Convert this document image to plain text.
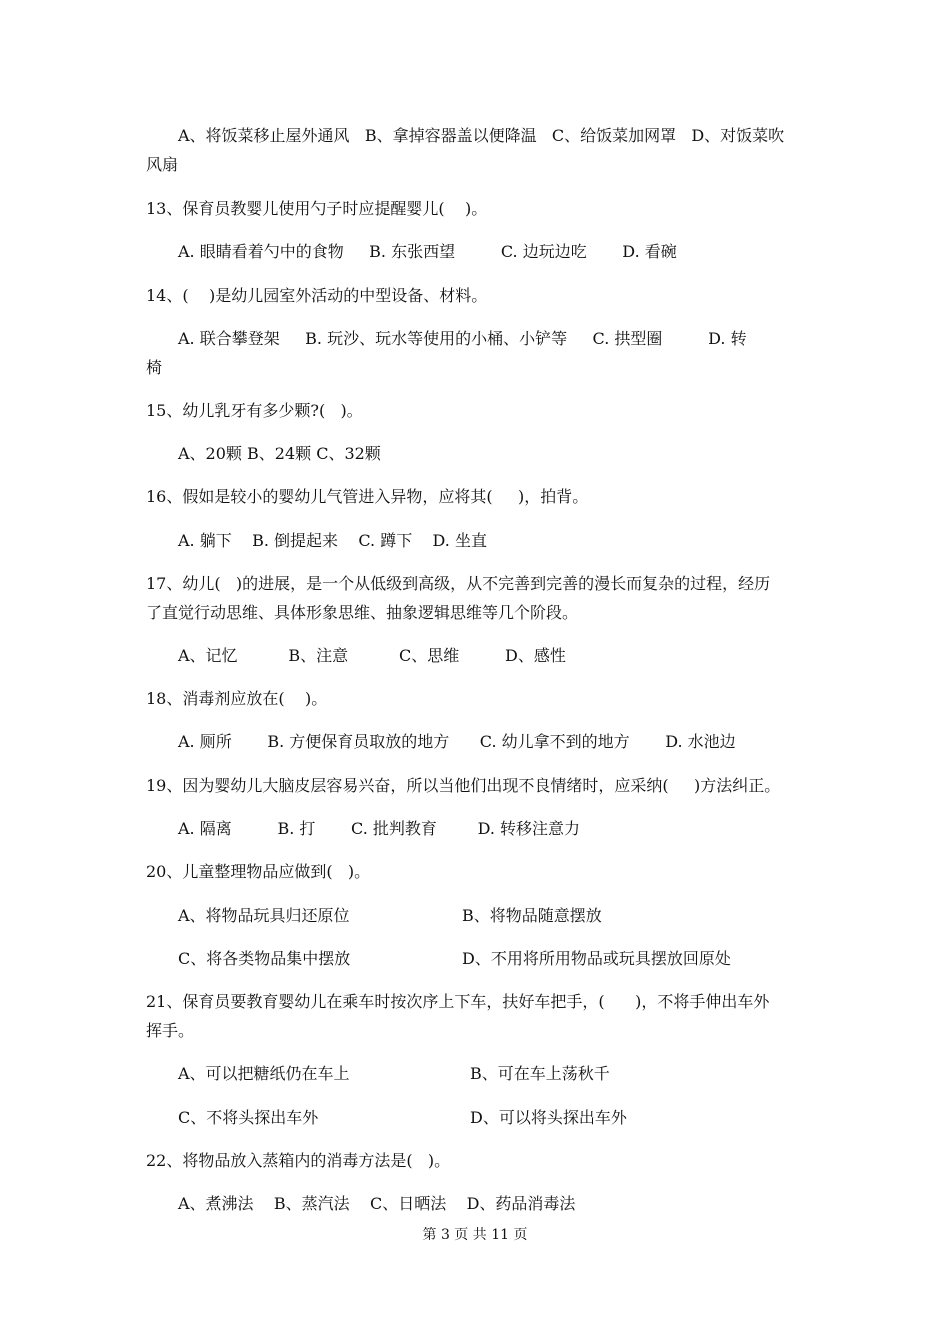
A、将饭菜移止屋外通风   B、拿掉容器盖以便降温   C、给饭菜加网罩   D、对饭菜吹
风扇
13、保育员教婴儿使用勺子时应提醒婴儿(    )。
A. 眼睛看着勺中的食物     B. 东张西望         C. 边玩边吃       D. 看碗
14、(    )是幼儿园室外活动的中型设备、材料。
A. 联合攀登架     B. 玩沙、玩水等使用的小桶、小铲等     C. 拱型圈         D. 转
椅
15、幼儿乳牙有多少颗?(   )。
A、20颗 B、24颗 C、32颗
16、假如是较小的婴幼儿气管进入异物，应将其(     )，拍背。
A. 躺下    B. 倒提起来    C. 蹲下    D. 坐直
17、幼儿(   )的进展，是一个从低级到高级，从不完善到完善的漫长而复杂的过程，经历
了直觉行动思维、具体形象思维、抽象逻辑思维等几个阶段。
A、记忆          B、注意          C、思维         D、感性
18、消毒剂应放在(    )。
A. 厕所       B. 方便保育员取放的地方      C. 幼儿拿不到的地方       D. 水池边
19、因为婴幼儿大脑皮层容易兴奋，所以当他们出现不良情绪时，应采纳(     )方法纠正。
A. 隔离         B. 打       C. 批判教育        D. 转移注意力
20、儿童整理物品应做到(   )。
A、将物品玩具归还原位	B、将物品随意摆放
C、将各类物品集中摆放	D、不用将所用物品或玩具摆放回原处
21、保育员要教育婴幼儿在乘车时按次序上下车，扶好车把手，(      )，不将手伸出车外
挥手。
A、可以把糖纸仍在车上	B、可在车上荡秋千
C、不将头探出车外	D、可以将头探出车外
22、将物品放入蒸箱内的消毒方法是(   )。
A、煮沸法    B、蒸汽法    C、日晒法    D、药品消毒法
第 3 页 共 11 页
